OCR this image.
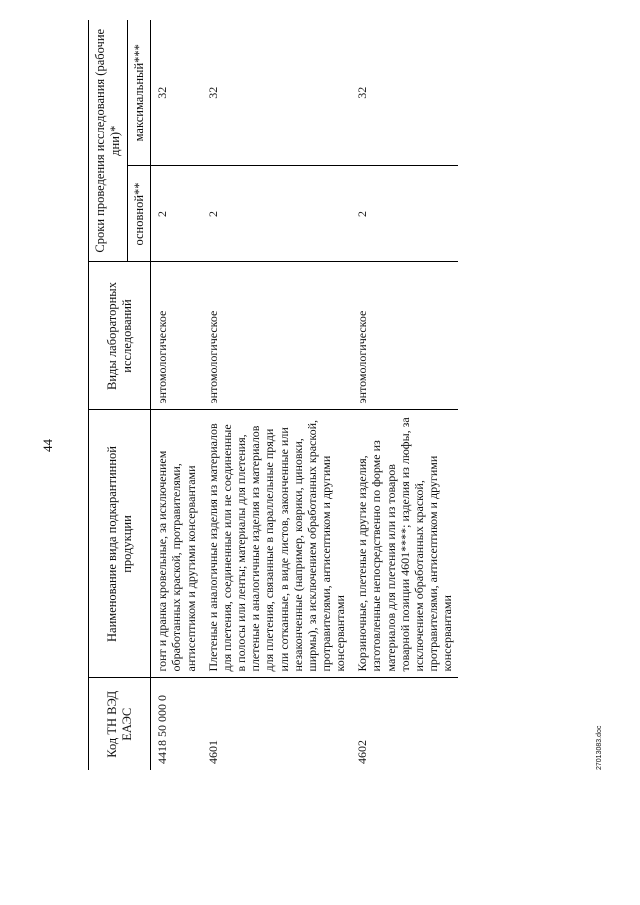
44
Код ТН ВЭД ЕАЭС	Наименование вида подкарантинной продукции	Виды лабораторных исследований	Сроки проведения исследования (рабочие дни)*	
			основной**	максимальный***
4418 50 000 0	гонт и дранка кровельные, за исключением обработанных краской, протравителями, антисептиком и другими консервантами	энтомологическое	2	32
4601	Плетеные и аналогичные изделия из материалов для плетения, соединенные или не соединенные в полосы или ленты; материалы для плетения, плетеные и аналогичные изделия из материалов для плетения, связанные в параллельные пряди или сотканные, в виде листов, законченные или незаконченные (например, коврики, циновки, ширмы), за исключением обработанных краской, протравителями, антисептиком и другими консервантами	энтомологическое	2	32
4602	Корзиночные, плетеные и другие изделия, изготовленные непосредственно по форме из материалов для плетения или из товаров товарной позиции 4601****; изделия из люфы, за исключением обработанных краской, протравителями, антисептиком и другими консервантами	энтомологическое	2	32
27013083.doc
